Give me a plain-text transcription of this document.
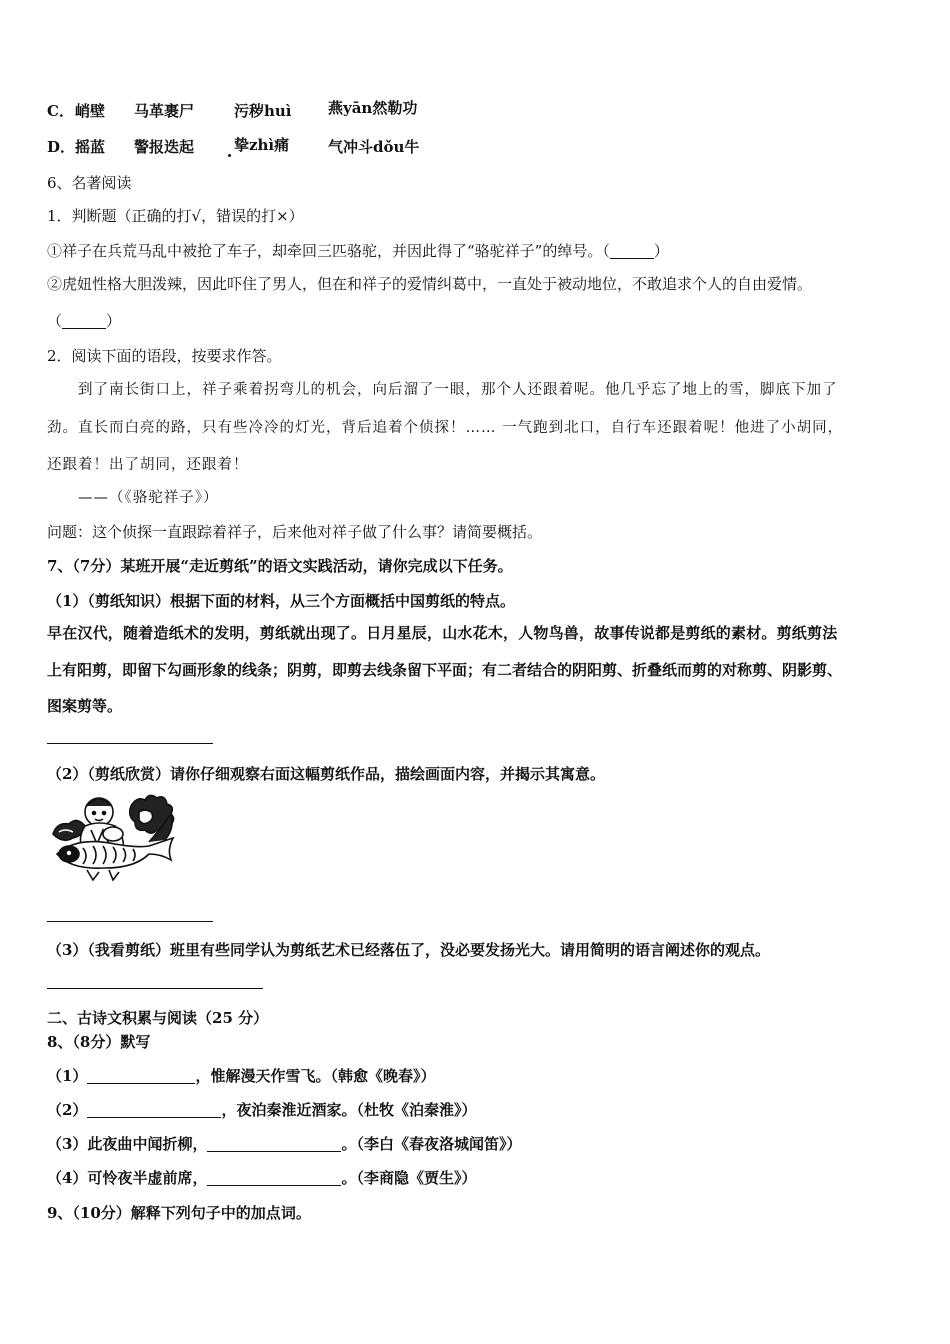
C． 峭壁 马革裹尸	污秽huì 燕yān然勒功
D． 摇蓝 警报迭起	挚zhì痛	气冲斗dǒu牛
6、名著阅读
1．判断题（正确的打√，错误的打×）
①祥子在兵荒马乱中被抢了车子，却牵回三匹骆驼，并因此得了“骆驼祥子”的绰号。（	）
②虎妞性格大胆泼辣，因此吓住了男人，但在和祥子的爱情纠葛中，一直处于被动地位，不敢追求个人的自由爱情。
（	）
2．阅读下面的语段，按要求作答。
到了南长街口上，祥子乘着拐弯儿的机会，向后溜了一眼，那个人还跟着呢。他几乎忘了地上的雪，脚底下加了
劲。直长而白亮的路，只有些冷冷的灯光，背后追着个侦探！…… 一气跑到北口，自行车还跟着呢！他进了小胡同，
还跟着！出了胡同，还跟着！
——（《骆驼祥子》）
问题：这个侦探一直跟踪着祥子，后来他对祥子做了什么事？请简要概括。
7、（7分）某班开展“走近剪纸”的语文实践活动，请你完成以下任务。
（1）（剪纸知识）根据下面的材料，从三个方面概括中国剪纸的特点。
早在汉代，随着造纸术的发明，剪纸就出现了。日月星辰，山水花木，人物鸟兽，故事传说都是剪纸的素材。剪纸剪法
上有阳剪，即留下勾画形象的线条；阴剪，即剪去线条留下平面；有二者结合的阴阳剪、折叠纸而剪的对称剪、阴影剪、
图案剪等。
（2）（剪纸欣赏）请你仔细观察右面这幅剪纸作品，描绘画面内容，并揭示其寓意。
（3）（我看剪纸）班里有些同学认为剪纸艺术已经落伍了，没必要发扬光大。请用简明的语言阐述你的观点。
二、古诗文积累与阅读（25 分）
8、（8分）默写
（1）	，惟解漫天作雪飞。（韩愈《晚春》）
（2）	，夜泊秦淮近酒家。（杜牧《泊秦淮》）
（3）此夜曲中闻折柳，	。（李白《春夜洛城闻笛》）
（4）可怜夜半虚前席，	。（李商隐《贾生》）
9、（10分）解释下列句子中的加点词。
